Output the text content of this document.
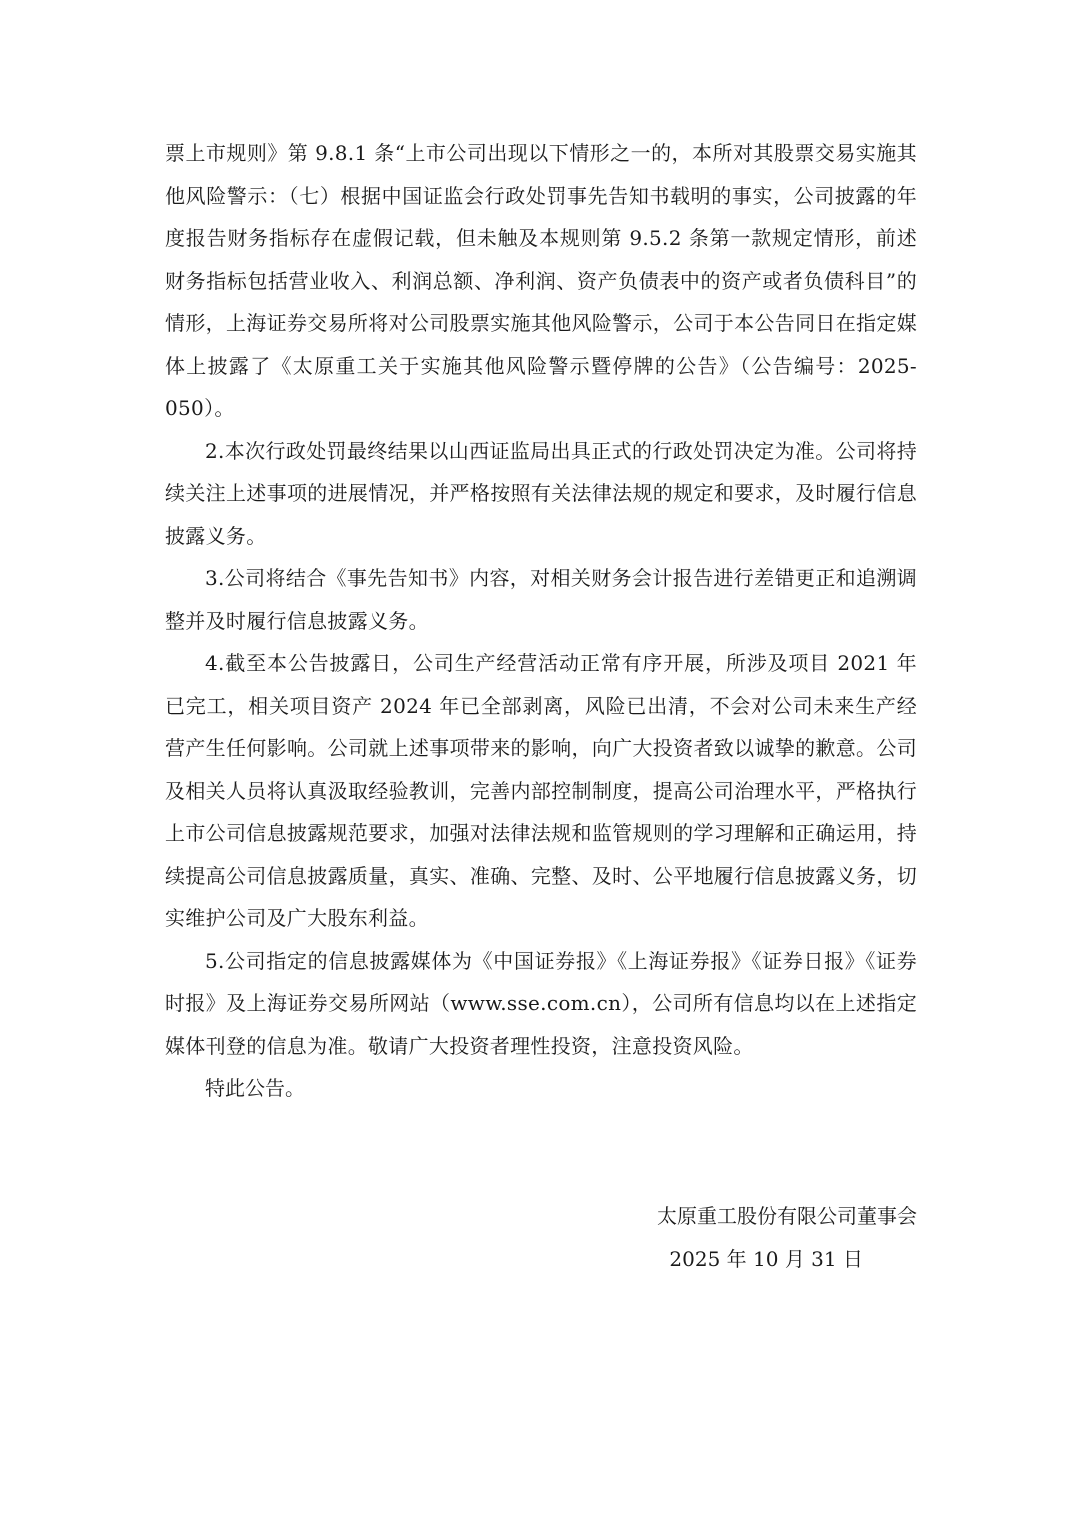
票上市规则》第 9.8.1 条“上市公司出现以下情形之一的，本所对其股票交易实施其他风险警示：（七）根据中国证监会行政处罚事先告知书载明的事实，公司披露的年度报告财务指标存在虚假记载，但未触及本规则第 9.5.2 条第一款规定情形，前述财务指标包括营业收入、利润总额、净利润、资产负债表中的资产或者负债科目”的情形，上海证券交易所将对公司股票实施其他风险警示，公司于本公告同日在指定媒体上披露了《太原重工关于实施其他风险警示暨停牌的公告》（公告编号：2025-050）。

2.本次行政处罚最终结果以山西证监局出具正式的行政处罚决定为准。公司将持续关注上述事项的进展情况，并严格按照有关法律法规的规定和要求，及时履行信息披露义务。

3.公司将结合《事先告知书》内容，对相关财务会计报告进行差错更正和追溯调整并及时履行信息披露义务。

4.截至本公告披露日，公司生产经营活动正常有序开展，所涉及项目 2021 年已完工，相关项目资产 2024 年已全部剥离，风险已出清，不会对公司未来生产经营产生任何影响。公司就上述事项带来的影响，向广大投资者致以诚挚的歉意。公司及相关人员将认真汲取经验教训，完善内部控制制度，提高公司治理水平，严格执行上市公司信息披露规范要求，加强对法律法规和监管规则的学习理解和正确运用，持续提高公司信息披露质量，真实、准确、完整、及时、公平地履行信息披露义务，切实维护公司及广大股东利益。

5.公司指定的信息披露媒体为《中国证券报》《上海证券报》《证券日报》《证券时报》及上海证券交易所网站（www.sse.com.cn），公司所有信息均以在上述指定媒体刊登的信息为准。敬请广大投资者理性投资，注意投资风险。

特此公告。

太原重工股份有限公司董事会

2025 年 10 月 31 日
